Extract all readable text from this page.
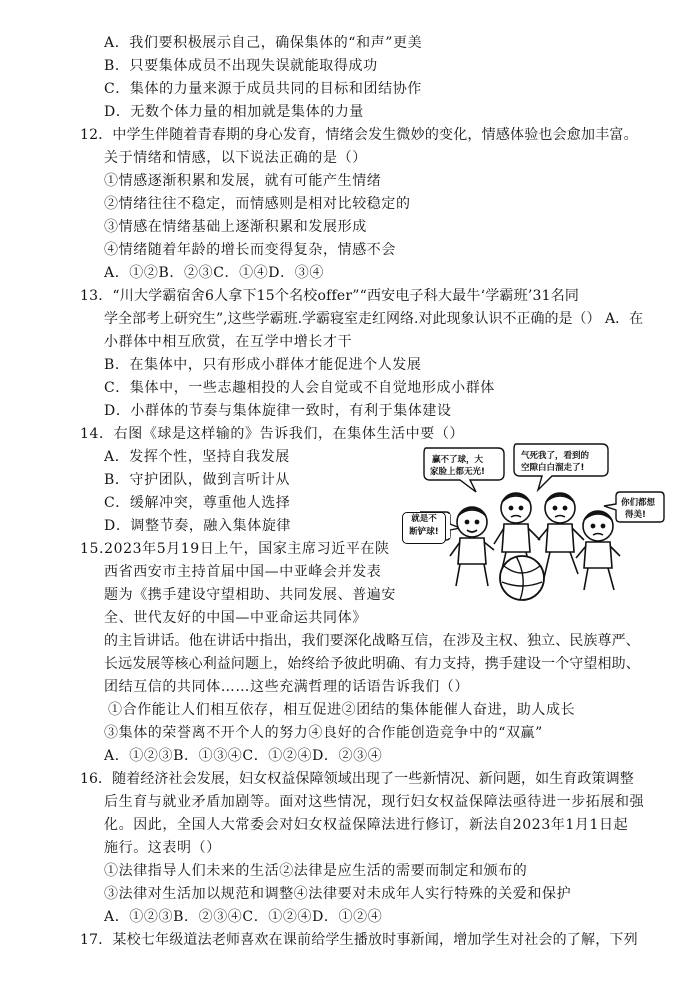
A．我们要积极展示自己，确保集体的“和声”更美
B．只要集体成员不出现失误就能取得成功
C．集体的力量来源于成员共同的目标和团结协作
D．无数个体力量的相加就是集体的力量
12．中学生伴随着青春期的身心发育，情绪会发生微妙的变化，情感体验也会愈加丰富。
关于情绪和情感，以下说法正确的是（）
①情感逐渐积累和发展，就有可能产生情绪
②情绪往往不稳定，而情感则是相对比较稳定的
③情感在情绪基础上逐渐积累和发展形成
④情绪随着年龄的增长而变得复杂，情感不会
A．①②B．②③C．①④D．③④
13．“川大学霸宿舍6人拿下15个名校offer”“西安电子科大最牛‘学霸班’31名同
学全部考上研究生”,这些学霸班.学霸寝室走红网络.对此现象认识不正确的是（） A．在
小群体中相互欣赏，在互学中增长才干
B．在集体中，只有形成小群体才能促进个人发展
C．集体中，一些志趣相投的人会自觉或不自觉地形成小群体
D．小群体的节奏与集体旋律一致时，有利于集体建设
14．右图《球是这样输的》告诉我们，在集体生活中要（）
A．发挥个性，坚持自我发展
B．守护团队，做到言听计从
C．缓解冲突，尊重他人选择
D．调整节奏，融入集体旋律
15.2023年5月19日上午，国家主席习近平在陕
西省西安市主持首届中国—中亚峰会并发表
题为《携手建设守望相助、共同发展、普遍安
全、世代友好的中国—中亚命运共同体》
的主旨讲话。他在讲话中指出，我们要深化战略互信，在涉及主权、独立、民族尊严、
长远发展等核心利益问题上，始终给予彼此明确、有力支持，携手建设一个守望相助、
团结互信的共同体……这些充满哲理的话语告诉我们（）
①合作能让人们相互依存，相互促进②团结的集体能催人奋进，助人成长
③集体的荣誉离不开个人的努力④良好的合作能创造竞争中的“双赢”
A．①②③B．①③④C．①②④D．②③④
16．随着经济社会发展，妇女权益保障领域出现了一些新情况、新问题，如生育政策调整
后生育与就业矛盾加剧等。面对这些情况，现行妇女权益保障法亟待进一步拓展和强
化。因此，全国人大常委会对妇女权益保障法进行修订，新法自2023年1月1日起
施行。这表明（）
①法律指导人们未来的生活②法律是应生活的需要而制定和颁布的
③法律对生活加以规范和调整④法律要对未成年人实行特殊的关爱和保护
A．①②③B．②③④C．①②④D．①②④
17．某校七年级道法老师喜欢在课前给学生播放时事新闻，增加学生对社会的了解，下列
赢不了球，大
家脸上都无光!
气死我了，看到的
空隙白白溜走了!
你们都想
得美!
就是不
断铲球!
